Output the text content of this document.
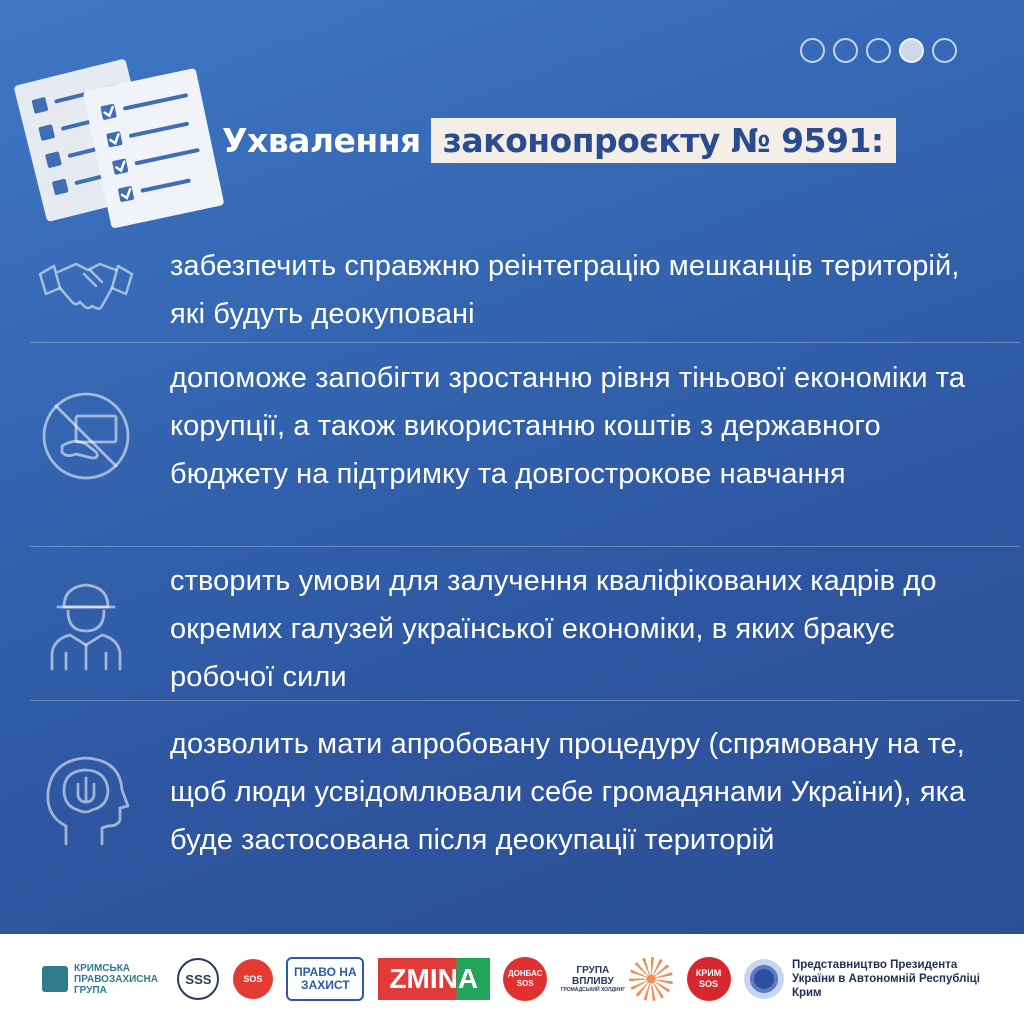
Ухвалення законопроєкту № 9591:
забезпечить справжню реінтеграцію мешканців територій, які будуть деокуповані
допоможе запобігти зростанню рівня тіньової економіки та корупції, а також використанню коштів з державного бюджету на підтримку та довгострокове навчання
створить умови для залучення кваліфікованих кадрів до окремих галузей української економіки, в яких бракує робочої сили
дозволить мати апробовану процедуру (спрямовану на те, щоб люди усвідомлювали себе громадянами України), яка буде застосована після деокупації територій
КРИМСЬКА ПРАВОЗАХИСНА ГРУПА
SSS	SOS	ПРАВО НА
ЗАХИСТ ZMINA	ДОНБАС
SOS
ГРУПА
ВПЛИВУ
ГРОМАДСЬКИЙ ХОЛДИНГ
КРИМ
SOS
Представництво Президента України в Автономній Республіці Крим
